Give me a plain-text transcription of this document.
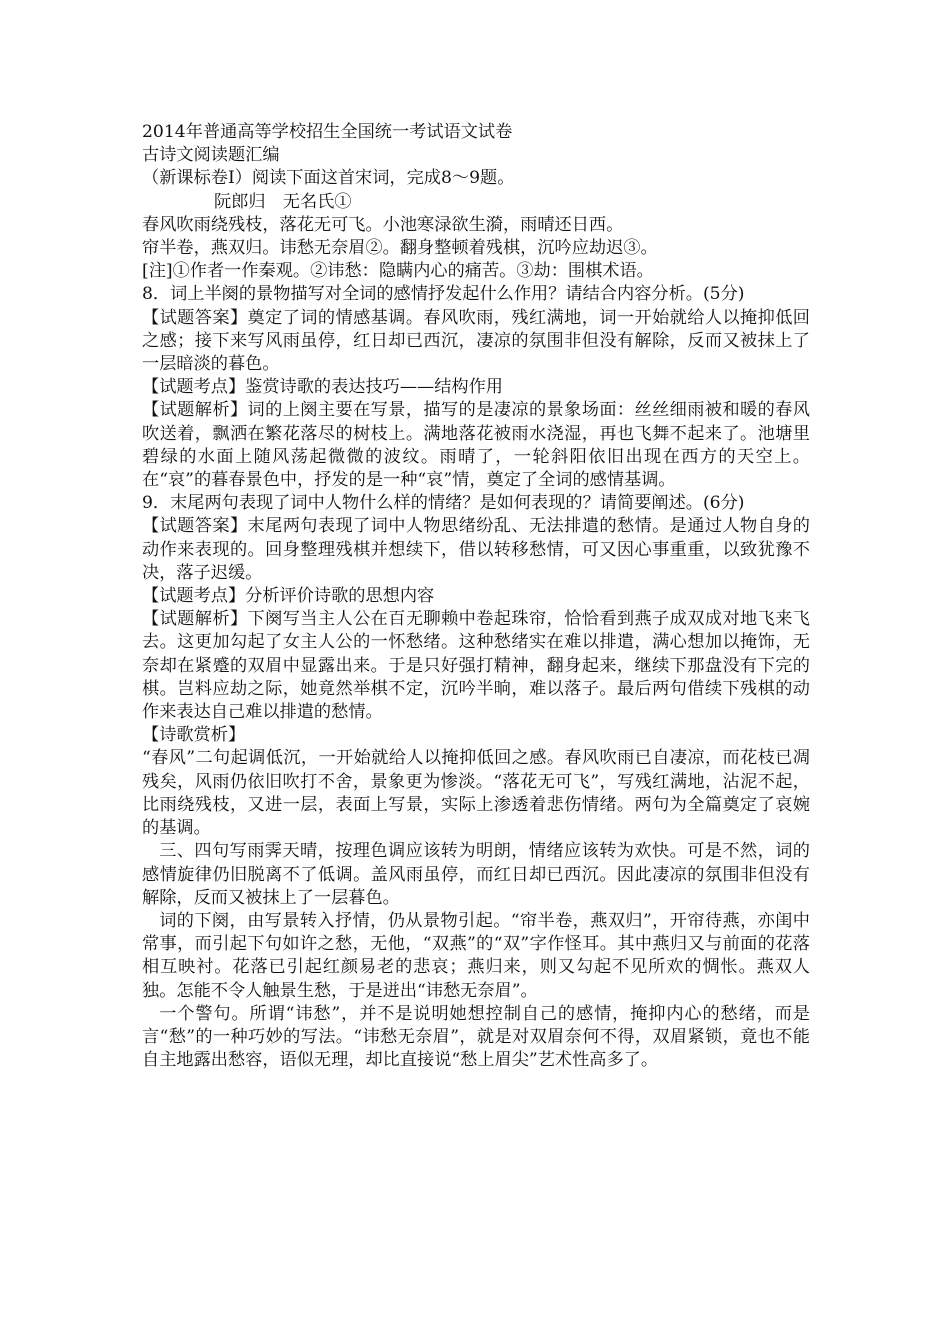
2014年普通高等学校招生全国统一考试语文试卷

古诗文阅读题汇编

（新课标卷Ⅰ）阅读下面这首宋词，完成8～9题。

阮郎归　无名氏①

春风吹雨绕残枝，落花无可飞。小池寒渌欲生漪，雨晴还日西。

帘半卷，燕双归。讳愁无奈眉②。翻身整顿着残棋，沉吟应劫迟③。

[注]①作者一作秦观。②讳愁：隐瞒内心的痛苦。③劫：围棋术语。

8．词上半阕的景物描写对全词的感情抒发起什么作用？请结合内容分析。(5分)

【试题答案】奠定了词的情感基调。春风吹雨，残红满地，词一开始就给人以掩抑低回之感；接下来写风雨虽停，红日却已西沉，凄凉的氛围非但没有解除，反而又被抹上了一层暗淡的暮色。

【试题考点】鉴赏诗歌的表达技巧——结构作用

【试题解析】词的上阕主要在写景，描写的是凄凉的景象场面：丝丝细雨被和暖的春风吹送着，飘洒在繁花落尽的树枝上。满地落花被雨水浇湿，再也飞舞不起来了。池塘里碧绿的水面上随风荡起微微的波纹。雨晴了，一轮斜阳依旧出现在西方的天空上。在“哀”的暮春景色中，抒发的是一种“哀”情，奠定了全词的感情基调。

9．末尾两句表现了词中人物什么样的情绪？是如何表现的？请简要阐述。(6分)

【试题答案】末尾两句表现了词中人物思绪纷乱、无法排遣的愁情。是通过人物自身的动作来表现的。回身整理残棋并想续下，借以转移愁情，可又因心事重重，以致犹豫不决，落子迟缓。

【试题考点】分析评价诗歌的思想内容

【试题解析】下阕写当主人公在百无聊赖中卷起珠帘，恰恰看到燕子成双成对地飞来飞去。这更加勾起了女主人公的一怀愁绪。这种愁绪实在难以排遣，满心想加以掩饰，无奈却在紧蹙的双眉中显露出来。于是只好强打精神，翻身起来，继续下那盘没有下完的棋。岂料应劫之际，她竟然举棋不定，沉吟半晌，难以落子。最后两句借续下残棋的动作来表达自己难以排遣的愁情。

【诗歌赏析】

“春风”二句起调低沉，一开始就给人以掩抑低回之感。春风吹雨已自凄凉，而花枝已凋残矣，风雨仍依旧吹打不舍，景象更为惨淡。“落花无可飞”，写残红满地，沾泥不起，比雨绕残枝，又进一层，表面上写景，实际上渗透着悲伤情绪。两句为全篇奠定了哀婉的基调。

三、四句写雨霁天晴，按理色调应该转为明朗，情绪应该转为欢快。可是不然，词的感情旋律仍旧脱离不了低调。盖风雨虽停，而红日却已西沉。因此凄凉的氛围非但没有解除，反而又被抹上了一层暮色。

词的下阕，由写景转入抒情，仍从景物引起。“帘半卷，燕双归”，开帘待燕，亦闺中常事，而引起下句如许之愁，无他，“双燕”的“双”字作怪耳。其中燕归又与前面的花落相互映衬。花落已引起红颜易老的悲哀；燕归来，则又勾起不见所欢的惆怅。燕双人独。怎能不令人触景生愁，于是迸出“讳愁无奈眉”。

一个警句。所谓“讳愁”，并不是说明她想控制自己的感情，掩抑内心的愁绪，而是言“愁”的一种巧妙的写法。“讳愁无奈眉”，就是对双眉奈何不得，双眉紧锁，竟也不能自主地露出愁容，语似无理，却比直接说“愁上眉尖”艺术性高多了。
